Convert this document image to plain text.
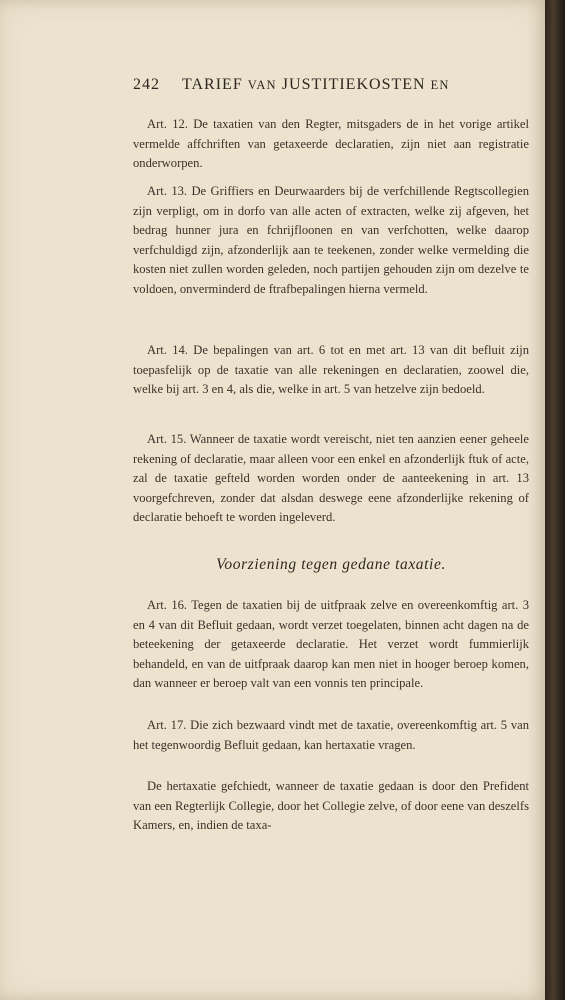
242 TARIEF VAN JUSTITIEKOSTEN EN
Art. 12. De taxatien van den Regter, mitsgaders de in het vorige artikel vermelde affchriften van getaxeerde declaratien, zijn niet aan registratie onderworpen.
Art. 13. De Griffiers en Deurwaarders bij de verfchillende Regtscollegien zijn verpligt, om in dorfo van alle acten of extracten, welke zij afgeven, het bedrag hunner jura en fchrijfloonen en van verfchotten, welke daarop verfchuldigd zijn, afzonderlijk aan te teekenen, zonder welke vermelding die kosten niet zullen worden geleden, noch partijen gehouden zijn om dezelve te voldoen, onverminderd de ftrafbepalingen hierna vermeld.
Art. 14. De bepalingen van art. 6 tot en met art. 13 van dit befluit zijn toepasfelijk op de taxatie van alle rekeningen en declaratien, zoowel die, welke bij art. 3 en 4, als die, welke in art. 5 van hetzelve zijn bedoeld.
Art. 15. Wanneer de taxatie wordt vereischt, niet ten aanzien eener geheele rekening of declaratie, maar alleen voor een enkel en afzonderlijk ftuk of acte, zal de taxatie gefteld worden worden onder de aanteekening in art. 13 voorgefchreven, zonder dat alsdan deswege eene afzonderlijke rekening of declaratie behoeft te worden ingeleverd.
Voorziening tegen gedane taxatie.
Art. 16. Tegen de taxatien bij de uitfpraak zelve en overeenkomftig art. 3 en 4 van dit Befluit gedaan, wordt verzet toegelaten, binnen acht dagen na de beteekening der getaxeerde declaratie. Het verzet wordt fummierlijk behandeld, en van de uitfpraak daarop kan men niet in hooger beroep komen, dan wanneer er beroep valt van een vonnis ten principale.
Art. 17. Die zich bezwaard vindt met de taxatie, overeenkomftig art. 5 van het tegenwoordig Befluit gedaan, kan hertaxatie vragen.
De hertaxatie gefchiedt, wanneer de taxatie gedaan is door den Prefident van een Regterlijk Collegie, door het Collegie zelve, of door eene van deszelfs Kamers, en, indien de taxa-
